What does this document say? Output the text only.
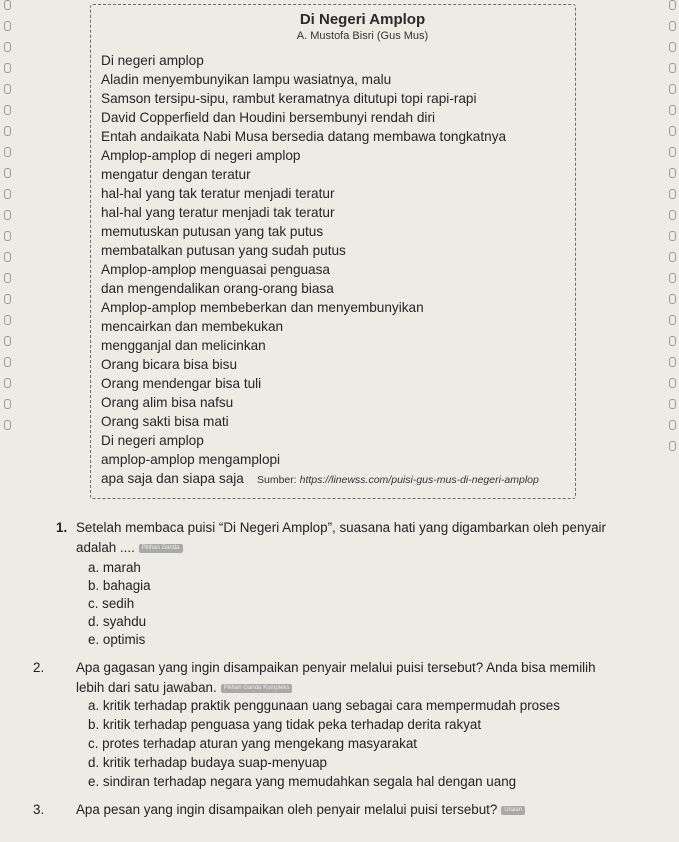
Di Negeri Amplop
A. Mustofa Bisri (Gus Mus)
Di negeri amplop
Aladin menyembunyikan lampu wasiatnya, malu
Samson tersipu-sipu, rambut keramatnya ditutupi topi rapi-rapi
David Copperfield dan Houdini bersembunyi rendah diri
Entah andaikata Nabi Musa bersedia datang membawa tongkatnya
Amplop-amplop di negeri amplop
mengatur dengan teratur
hal-hal yang tak teratur menjadi teratur
hal-hal yang teratur menjadi tak teratur
memutuskan putusan yang tak putus
membatalkan putusan yang sudah putus
Amplop-amplop menguasai penguasa
dan mengendalikan orang-orang biasa
Amplop-amplop membeberkan dan menyembunyikan
mencairkan dan membekukan
mengganjal dan melicinkan
Orang bicara bisa bisu
Orang mendengar bisa tuli
Orang alim bisa nafsu
Orang sakti bisa mati
Di negeri amplop
amplop-amplop mengamplopi
apa saja dan siapa saja Sumber: https://linewss.com/puisi-gus-mus-di-negeri-amplop
1. Setelah membaca puisi “Di Negeri Amplop”, suasana hati yang digambarkan oleh penyair
adalah .... Pilihan Ganda
a. marah
b. bahagia
c. sedih
d. syahdu
e. optimis
2. Apa gagasan yang ingin disampaikan penyair melalui puisi tersebut? Anda bisa memilih
lebih dari satu jawaban. Pilihan Ganda Kompleks
a. kritik terhadap praktik penggunaan uang sebagai cara mempermudah proses
b. kritik terhadap penguasa yang tidak peka terhadap derita rakyat
c. protes terhadap aturan yang mengekang masyarakat
d. kritik terhadap budaya suap-menyuap
e. sindiran terhadap negara yang memudahkan segala hal dengan uang
3. Apa pesan yang ingin disampaikan oleh penyair melalui puisi tersebut? Uraian
